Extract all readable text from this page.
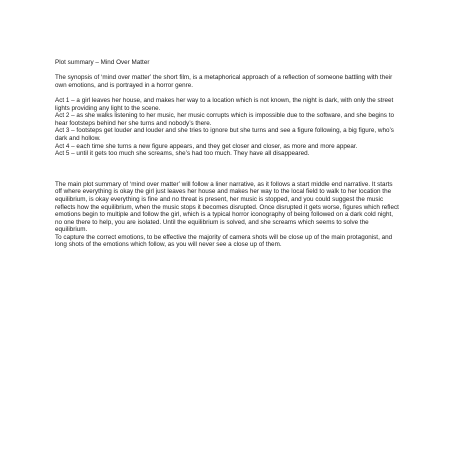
Plot summary – Mind Over Matter

The synopsis of ‘mind over matter’ the short film, is a metaphorical approach of a reflection of someone battling with their own emotions, and is portrayed in a horror genre.

Act 1 – a girl leaves her house, and makes her way to a location which is not known, the night is dark, with only the street lights providing any light to the scene.

Act 2 – as she walks listening to her music, her music corrupts which is impossible due to the software, and she begins to hear footsteps behind her she turns and nobody’s there.

Act 3 – footsteps get louder and louder and she tries to ignore but she turns and see a figure following, a big figure, who’s dark and hollow.

Act 4 – each time she turns a new figure appears, and they get closer and closer, as more and more appear.

Act 5 – until it gets too much she screams, she’s had too much. They have all disappeared.

The main plot summary of ‘mind over matter’ will follow a liner narrative, as it follows a start middle end narrative. It starts off where everything is okay the girl just leaves her house and makes her way to the local field to walk to her location the equilibrium, is okay everything is fine and no threat is present, her music is stopped, and you could suggest the music reflects how the equilibrium, when the music stops it becomes disrupted. Once disrupted it gets worse, figures which reflect emotions begin to multiple and follow the girl, which is a typical horror iconography of being followed on a dark cold night, no one there to help, you are isolated. Until the equilibrium is solved, and she screams which seems to solve the equilibrium.

To capture the correct emotions, to be effective the majority of camera shots will be close up of the main protagonist, and long shots of the emotions which follow, as you will never see a close up of them.
